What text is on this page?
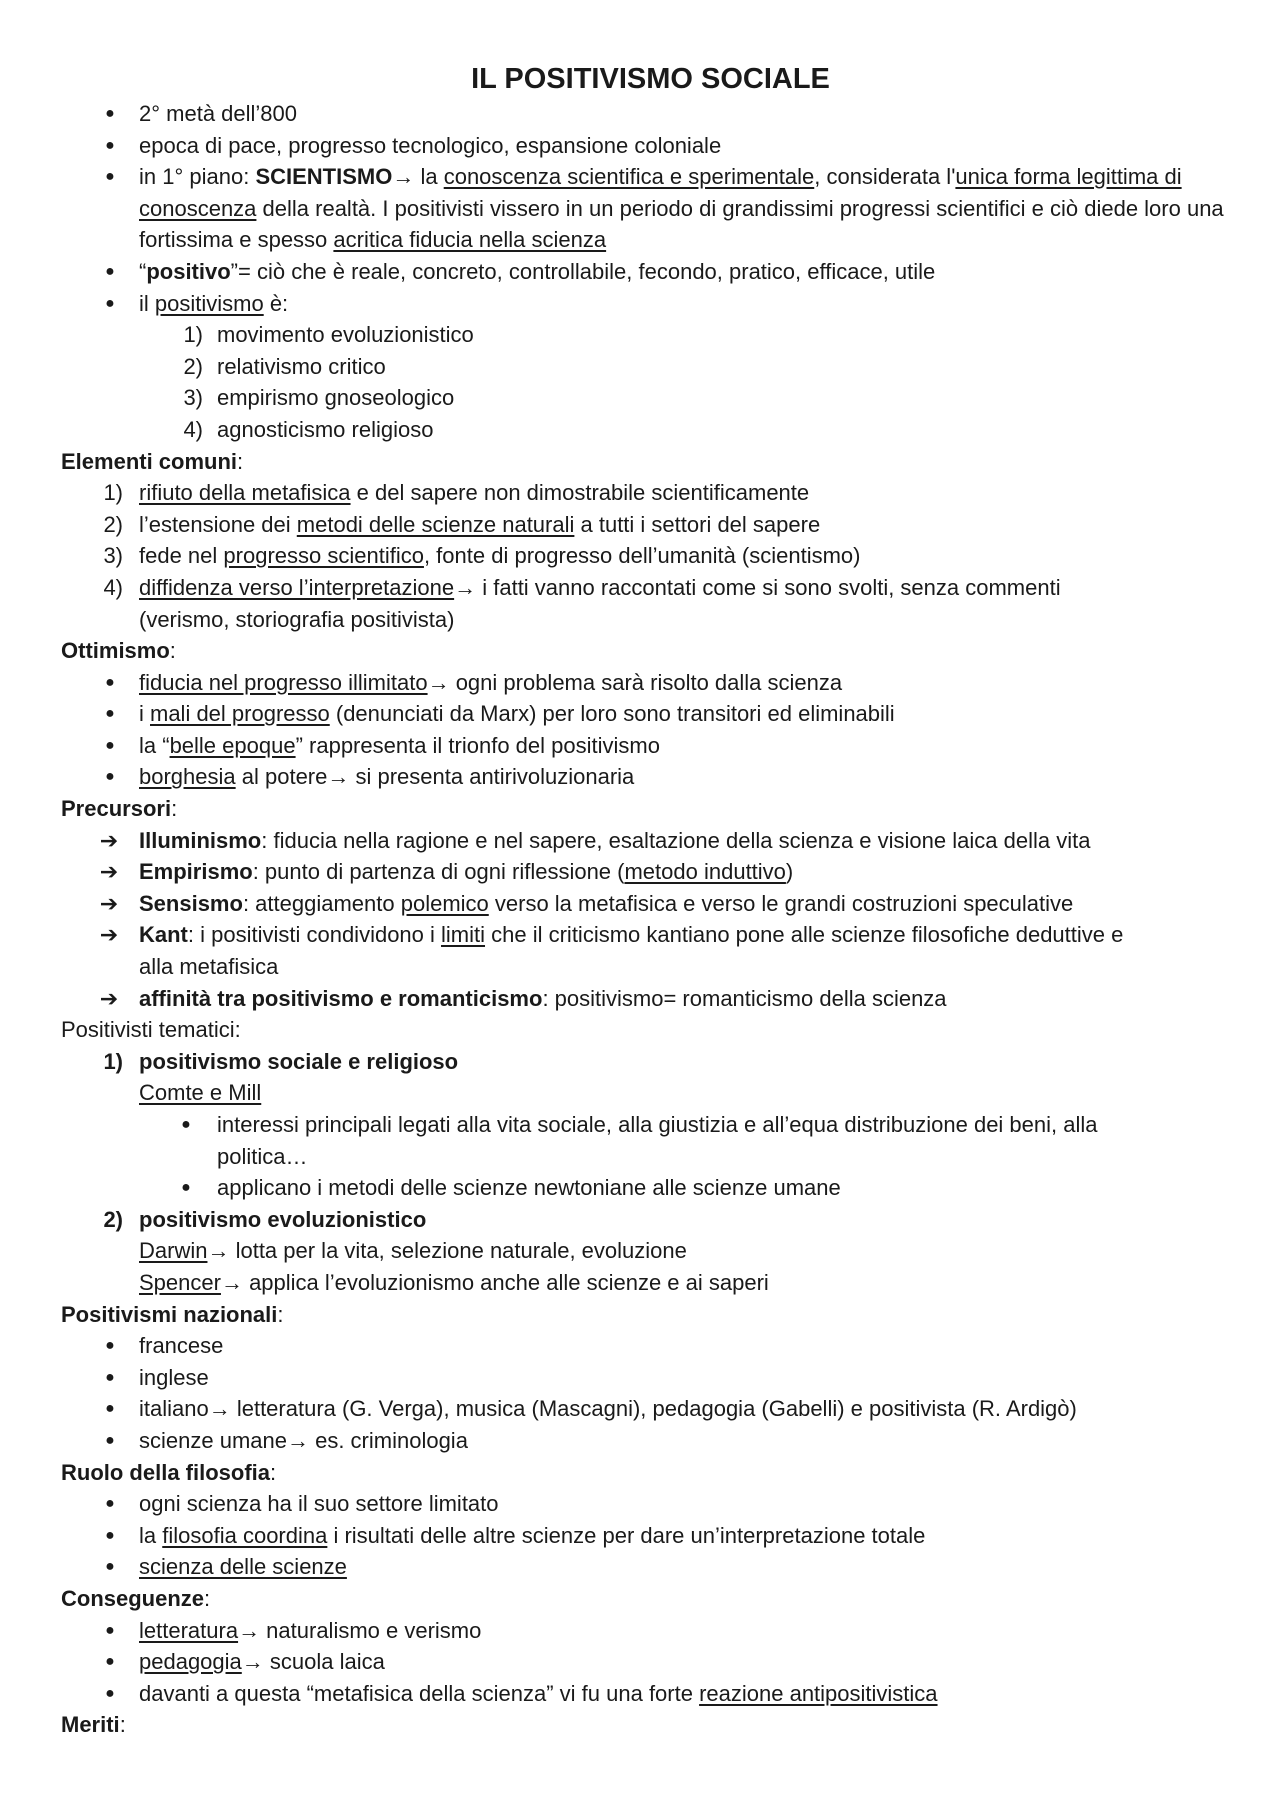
IL POSITIVISMO SOCIALE
● 2° metà dell’800
● epoca di pace, progresso tecnologico, espansione coloniale
● in 1° piano: SCIENTISMO→ la conoscenza scientifica e sperimentale, considerata l'unica forma legittima di conoscenza della realtà. I positivisti vissero in un periodo di grandissimi progressi scientifici e ciò diede loro una fortissima e spesso acritica fiducia nella scienza
● “positivo”= ciò che è reale, concreto, controllabile, fecondo, pratico, efficace, utile
● il positivismo è:
1) movimento evoluzionistico
2) relativismo critico
3) empirismo gnoseologico
4) agnosticismo religioso
Elementi comuni:
1) rifiuto della metafisica e del sapere non dimostrabile scientificamente
2) l’estensione dei metodi delle scienze naturali a tutti i settori del sapere
3) fede nel progresso scientifico, fonte di progresso dell’umanità (scientismo)
4) diffidenza verso l’interpretazione→ i fatti vanno raccontati come si sono svolti, senza commenti
(verismo, storiografia positivista)
Ottimismo:
● fiducia nel progresso illimitato→ ogni problema sarà risolto dalla scienza
● i mali del progresso (denunciati da Marx) per loro sono transitori ed eliminabili
● la “belle epoque” rappresenta il trionfo del positivismo
● borghesia al potere→ si presenta antirivoluzionaria
Precursori:
➔ Illuminismo: fiducia nella ragione e nel sapere, esaltazione della scienza e visione laica della vita
➔ Empirismo: punto di partenza di ogni riflessione (metodo induttivo)
➔ Sensismo: atteggiamento polemico verso la metafisica e verso le grandi costruzioni speculative
➔ Kant: i positivisti condividono i limiti che il criticismo kantiano pone alle scienze filosofiche deduttive e
alla metafisica
➔ affinità tra positivismo e romanticismo: positivismo= romanticismo della scienza
Positivisti tematici:
1) positivismo sociale e religioso
Comte e Mill
● interessi principali legati alla vita sociale, alla giustizia e all’equa distribuzione dei beni, alla
politica…
● applicano i metodi delle scienze newtoniane alle scienze umane
2) positivismo evoluzionistico
Darwin→ lotta per la vita, selezione naturale, evoluzione
Spencer→ applica l’evoluzionismo anche alle scienze e ai saperi
Positivismi nazionali:
● francese
● inglese
● italiano→ letteratura (G. Verga), musica (Mascagni), pedagogia (Gabelli) e positivista (R. Ardigò)
● scienze umane→ es. criminologia
Ruolo della filosofia:
● ogni scienza ha il suo settore limitato
● la filosofia coordina i risultati delle altre scienze per dare un’interpretazione totale
● scienza delle scienze
Conseguenze:
● letteratura→ naturalismo e verismo
● pedagogia→ scuola laica
● davanti a questa “metafisica della scienza” vi fu una forte reazione antipositivistica
Meriti:
